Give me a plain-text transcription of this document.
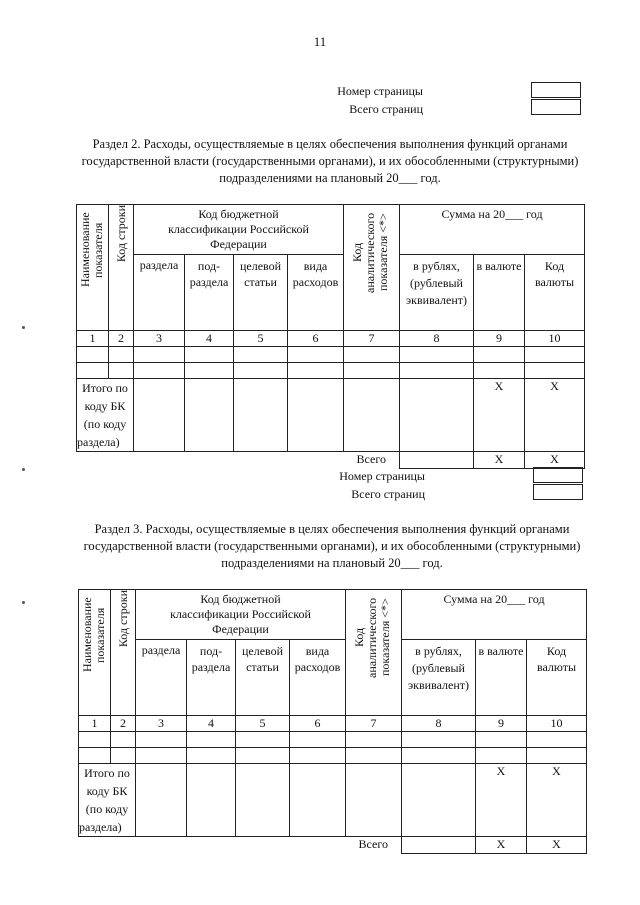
11
Номер страницы
Всего страниц
Раздел 2. Расходы, осуществляемые в целях обеспечения выполнения функций органами государственной власти (государственными органами), и их обособленными (структурными) подразделениями на плановый 20___ год.
Наименование показателя	Код строки	Код бюджетной классификации Российской Федерации				Код аналитического показателя <*>	Сумма на 20___ год		
		раздела	под-раздела	целевой статьи	вида расходов		в рублях, (рублевый эквивалент)	в валюте	Код валюты
1	2	3	4	5	6	7	8	9	10

Итого по коду БК (по коду раздела)								X	X
						Всего		X	X
Номер страницы
Всего страниц
Раздел 3. Расходы, осуществляемые в целях обеспечения выполнения функций органами государственной власти (государственными органами), и их обособленными (структурными) подразделениями на плановый 20___ год.
Наименование показателя	Код строки	Код бюджетной классификации Российской Федерации				Код аналитического показателя <*>	Сумма на 20___ год		
		раздела	под-раздела	целевой статьи	вида расходов		в рублях, (рублевый эквивалент)	в валюте	Код валюты
1	2	3	4	5	6	7	8	9	10

Итого по коду БК (по коду раздела)								X	X
						Всего		X	X
